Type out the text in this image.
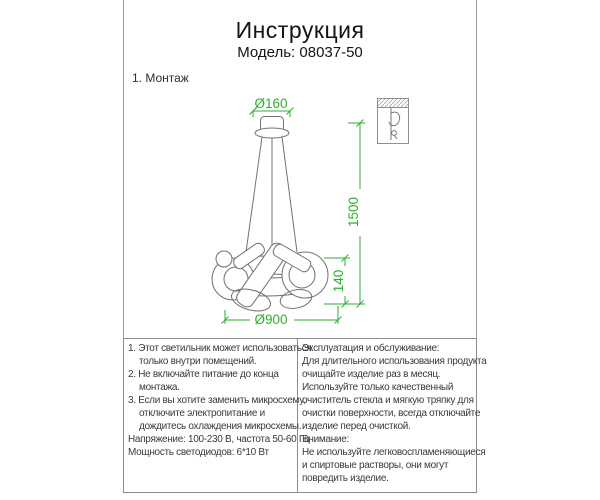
Инструкция
Модель: 08037-50
1. Монтаж
Ø160
1500
140
Ø900
1. Этот светильник может использоваться
только внутри помещений.
2. Не включайте питание до конца
монтажа.
3. Если вы хотите заменить микросхему,
отключите электропитание и
дождитесь охлаждения микросхемы.
Напряжение: 100-230 В, частота 50-60 Гц
Мощность светодиодов: 6*10 Вт
Эксплуатация и обслуживание:
Для длительного использования продукта
очищайте изделие раз в месяц.
Используйте только качественный
очиститель стекла и мягкую тряпку для
очистки поверхности, всегда отключайте
изделие перед очисткой.
Внимание:
Не используйте легковоспламеняющиеся
и спиртовые растворы, они могут
повредить изделие.
